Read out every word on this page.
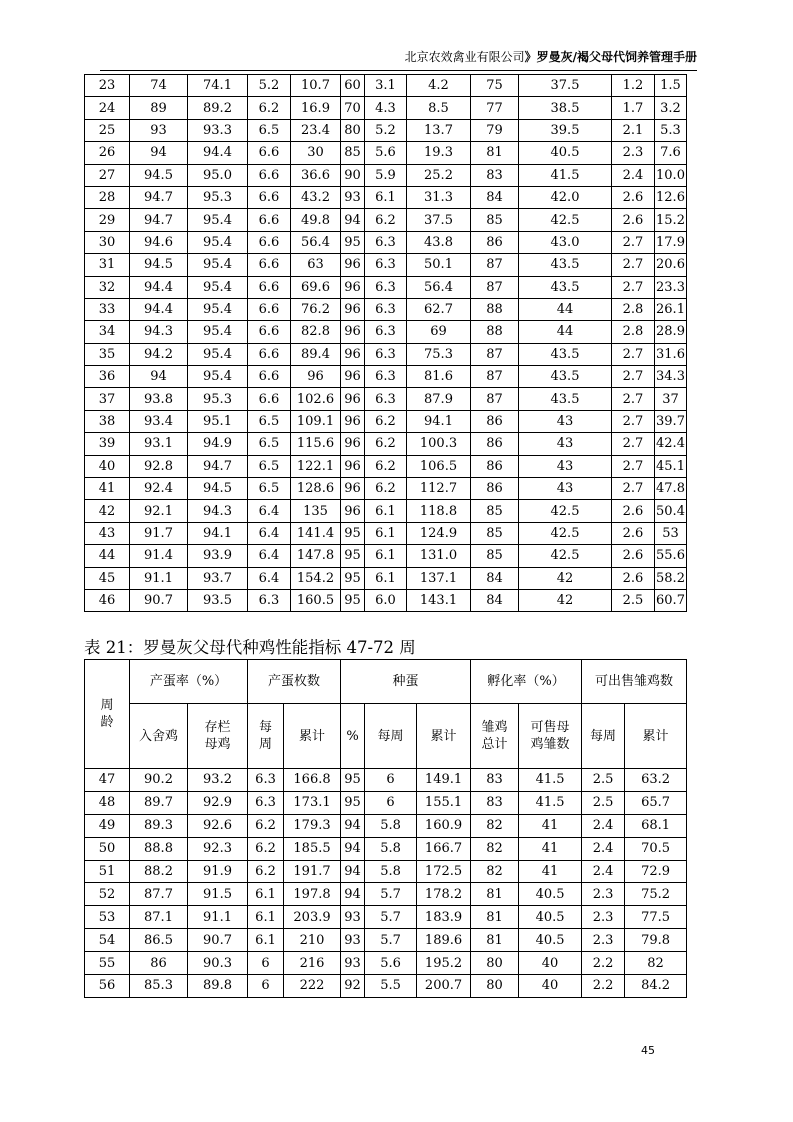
北京农效禽业有限公司》罗曼灰/褐父母代饲养管理手册
23	74	74.1	5.2	10.7	60	3.1	4.2	75	37.5	1.2	1.5
24	89	89.2	6.2	16.9	70	4.3	8.5	77	38.5	1.7	3.2
25	93	93.3	6.5	23.4	80	5.2	13.7	79	39.5	2.1	5.3
26	94	94.4	6.6	30	85	5.6	19.3	81	40.5	2.3	7.6
27	94.5	95.0	6.6	36.6	90	5.9	25.2	83	41.5	2.4	10.0
28	94.7	95.3	6.6	43.2	93	6.1	31.3	84	42.0	2.6	12.6
29	94.7	95.4	6.6	49.8	94	6.2	37.5	85	42.5	2.6	15.2
30	94.6	95.4	6.6	56.4	95	6.3	43.8	86	43.0	2.7	17.9
31	94.5	95.4	6.6	63	96	6.3	50.1	87	43.5	2.7	20.6
32	94.4	95.4	6.6	69.6	96	6.3	56.4	87	43.5	2.7	23.3
33	94.4	95.4	6.6	76.2	96	6.3	62.7	88	44	2.8	26.1
34	94.3	95.4	6.6	82.8	96	6.3	69	88	44	2.8	28.9
35	94.2	95.4	6.6	89.4	96	6.3	75.3	87	43.5	2.7	31.6
36	94	95.4	6.6	96	96	6.3	81.6	87	43.5	2.7	34.3
37	93.8	95.3	6.6	102.6	96	6.3	87.9	87	43.5	2.7	37
38	93.4	95.1	6.5	109.1	96	6.2	94.1	86	43	2.7	39.7
39	93.1	94.9	6.5	115.6	96	6.2	100.3	86	43	2.7	42.4
40	92.8	94.7	6.5	122.1	96	6.2	106.5	86	43	2.7	45.1
41	92.4	94.5	6.5	128.6	96	6.2	112.7	86	43	2.7	47.8
42	92.1	94.3	6.4	135	96	6.1	118.8	85	42.5	2.6	50.4
43	91.7	94.1	6.4	141.4	95	6.1	124.9	85	42.5	2.6	53
44	91.4	93.9	6.4	147.8	95	6.1	131.0	85	42.5	2.6	55.6
45	91.1	93.7	6.4	154.2	95	6.1	137.1	84	42	2.6	58.2
46	90.7	93.5	6.3	160.5	95	6.0	143.1	84	42	2.5	60.7
表 21：罗曼灰父母代种鸡性能指标 47-72 周
周龄	产蛋率（%）		产蛋枚数		种蛋			孵化率（%）		可出售雏鸡数	

	入舍鸡	存栏母鸡	每周	累计	%	每周	累计	雏鸡总计	可售母鸡雏数	每周	累计
47	90.2	93.2	6.3	166.8	95	6	149.1	83	41.5	2.5	63.2
48	89.7	92.9	6.3	173.1	95	6	155.1	83	41.5	2.5	65.7
49	89.3	92.6	6.2	179.3	94	5.8	160.9	82	41	2.4	68.1
50	88.8	92.3	6.2	185.5	94	5.8	166.7	82	41	2.4	70.5
51	88.2	91.9	6.2	191.7	94	5.8	172.5	82	41	2.4	72.9
52	87.7	91.5	6.1	197.8	94	5.7	178.2	81	40.5	2.3	75.2
53	87.1	91.1	6.1	203.9	93	5.7	183.9	81	40.5	2.3	77.5
54	86.5	90.7	6.1	210	93	5.7	189.6	81	40.5	2.3	79.8
55	86	90.3	6	216	93	5.6	195.2	80	40	2.2	82
56	85.3	89.8	6	222	92	5.5	200.7	80	40	2.2	84.2
45
